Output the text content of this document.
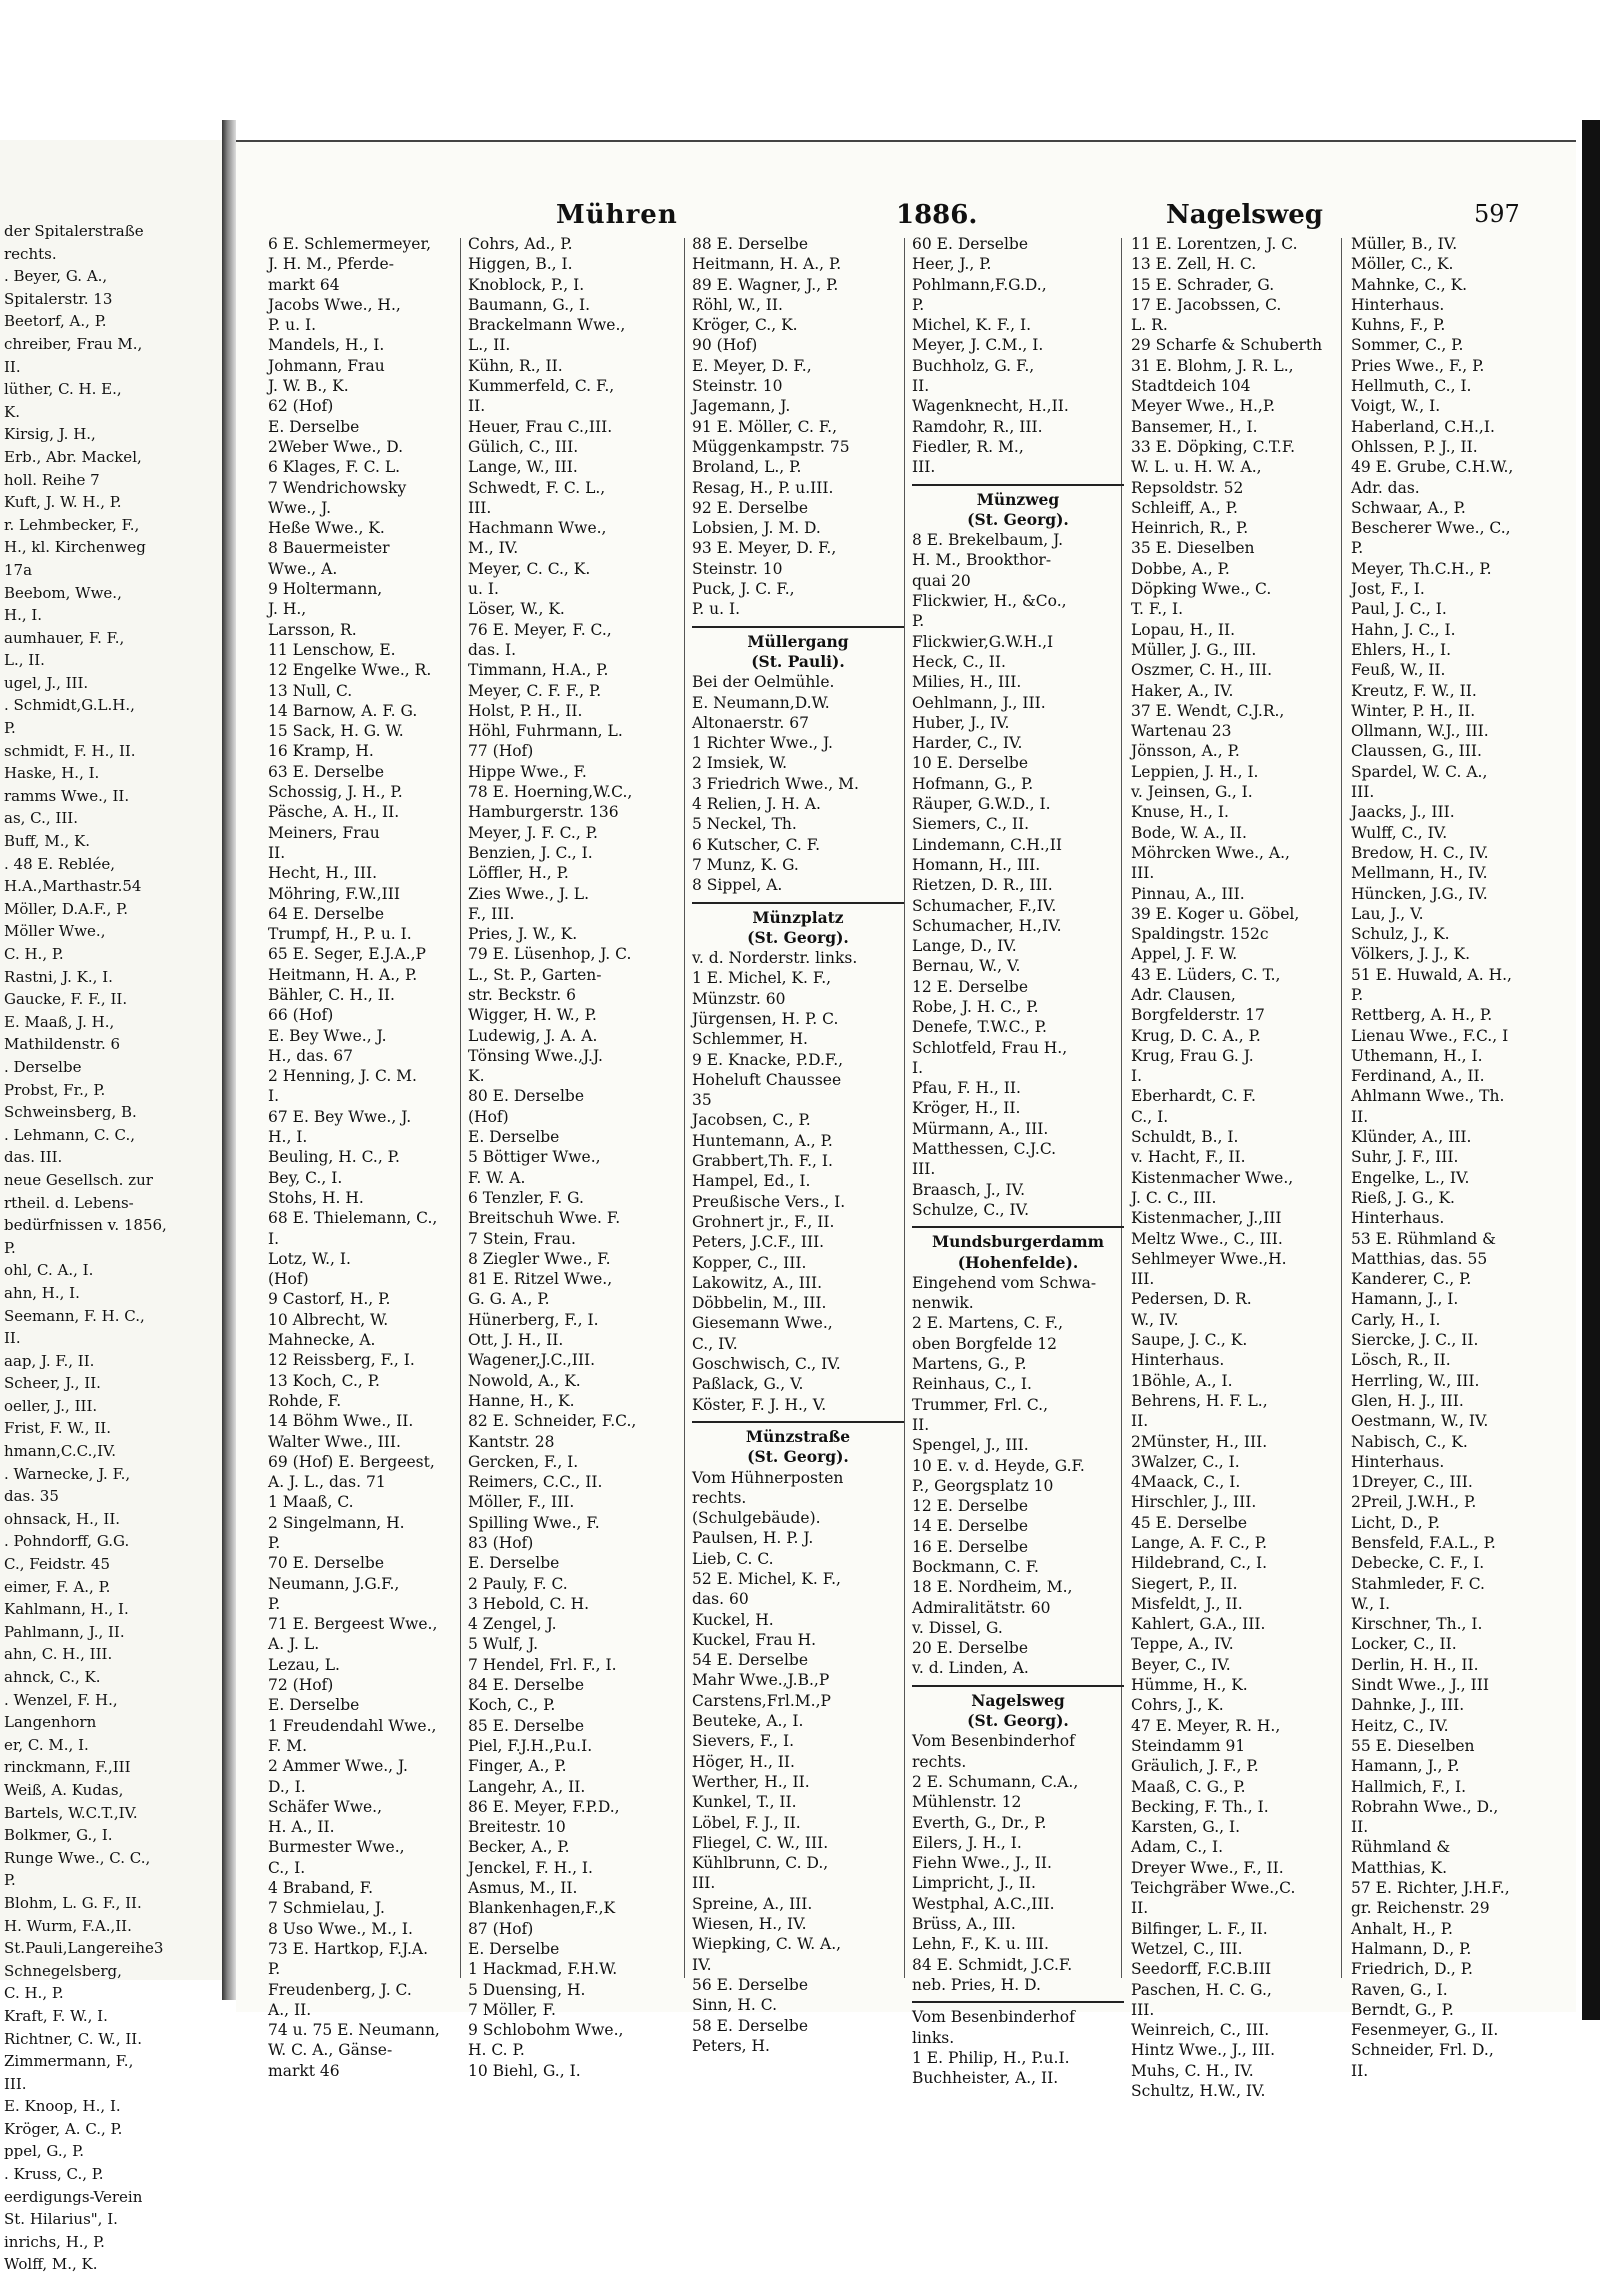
der Spitalerstraße
rechts.
. Beyer, G. A.,
Spitalerstr. 13
Beetorf, A., P.
chreiber, Frau M.,
II.
lüther, C. H. E.,
K.
Kirsig, J. H.,
Erb., Abr. Mackel,
holl. Reihe 7
Kuft, J. W. H., P.
r. Lehmbecker, F.,
H., kl. Kirchenweg
17a
Beebom, Wwe.,
H., I.
aumhauer, F. F.,
L., II.
ugel, J., III.
. Schmidt,G.L.H.,
P.
schmidt, F. H., II.
Haske, H., I.
ramms Wwe., II.
as, C., III.
Buff, M., K.
. 48 E. Reblée,
H.A.,Marthastr.54
Möller, D.A.F., P.
Möller Wwe.,
C. H., P.
Rastni, J. K., I.
Gaucke, F. F., II.
E. Maaß, J. H.,
Mathildenstr. 6
. Derselbe
Probst, Fr., P.
Schweinsberg, B.
. Lehmann, C. C.,
das. III.
neue Gesellsch. zur
rtheil. d. Lebens-
bedürfnissen v. 1856,
P.
ohl, C. A., I.
ahn, H., I.
Seemann, F. H. C.,
II.
aap, J. F., II.
Scheer, J., II.
oeller, J., III.
Frist, F. W., II.
hmann,C.C.,IV.
. Warnecke, J. F.,
das. 35
ohnsack, H., II.
. Pohndorff, G.G.
C., Feidstr. 45
eimer, F. A., P.
Kahlmann, H., I.
Pahlmann, J., II.
ahn, C. H., III.
ahnck, C., K.
. Wenzel, F. H.,
Langenhorn
er, C. M., I.
rinckmann, F.,III
Weiß, A. Kudas,
Bartels, W.C.T.,IV.
Bolkmer, G., I.
Runge Wwe., C. C.,
P.
Blohm, L. G. F., II.
H. Wurm, F.A.,II.
St.Pauli,Langereihe3
Schnegelsberg,
C. H., P.
Kraft, F. W., I.
Richtner, C. W., II.
Zimmermann, F.,
III.
E. Knoop, H., I.
Kröger, A. C., P.
ppel, G., P.
. Kruss, C., P.
eerdigungs-Verein
St. Hilarius", I.
inrichs, H., P.
Wolff, M., K.
Mühren	1886.	Nagelsweg	597
6 E. Schlemermeyer,
J. H. M., Pferde-
markt 64
Jacobs Wwe., H.,
P. u. I.
Mandels, H., I.
Johmann, Frau
J. W. B., K.
62 (Hof)
E. Derselbe
2Weber Wwe., D.
6 Klages, F. C. L.
7 Wendrichowsky
Wwe., J.
Heße Wwe., K.
8 Bauermeister
Wwe., A.
9 Holtermann,
J. H.,
Larsson, R.
11 Lenschow, E.
12 Engelke Wwe., R.
13 Null, C.
14 Barnow, A. F. G.
15 Sack, H. G. W.
16 Kramp, H.
63 E. Derselbe
Schossig, J. H., P.
Päsche, A. H., II.
Meiners, Frau
II.
Hecht, H., III.
Möhring, F.W.,III
64 E. Derselbe
Trumpf, H., P. u. I.
65 E. Seger, E.J.A.,P
Heitmann, H. A., P.
Bähler, C. H., II.
66 (Hof)
E. Bey Wwe., J.
H., das. 67
2 Henning, J. C. M.
I.
67 E. Bey Wwe., J.
H., I.
Beuling, H. C., P.
Bey, C., I.
Stohs, H. H.
68 E. Thielemann, C.,
I.
Lotz, W., I.
(Hof)
9 Castorf, H., P.
10 Albrecht, W.
Mahnecke, A.
12 Reissberg, F., I.
13 Koch, C., P.
Rohde, F.
14 Böhm Wwe., II.
Walter Wwe., III.
69 (Hof) E. Bergeest,
A. J. L., das. 71
1 Maaß, C.
2 Singelmann, H.
P.
70 E. Derselbe
Neumann, J.G.F.,
P.
71 E. Bergeest Wwe.,
A. J. L.
Lezau, L.
72 (Hof)
E. Derselbe
1 Freudendahl Wwe.,
F. M.
2 Ammer Wwe., J.
D., I.
Schäfer Wwe.,
H. A., II.
Burmester Wwe.,
C., I.
4 Braband, F.
7 Schmielau, J.
8 Uso Wwe., M., I.
73 E. Hartkop, F.J.A.
P.
Freudenberg, J. C.
A., II.
74 u. 75 E. Neumann,
W. C. A., Gänse-
markt 46
Cohrs, Ad., P.
Higgen, B., I.
Knoblock, P., I.
Baumann, G., I.
Brackelmann Wwe.,
L., II.
Kühn, R., II.
Kummerfeld, C. F.,
II.
Heuer, Frau C.,III.
Gülich, C., III.
Lange, W., III.
Schwedt, F. C. L.,
III.
Hachmann Wwe.,
M., IV.
Meyer, C. C., K.
u. I.
Löser, W., K.
76 E. Meyer, F. C.,
das. I.
Timmann, H.A., P.
Meyer, C. F. F., P.
Holst, P. H., II.
Höhl, Fuhrmann, L.
77 (Hof)
Hippe Wwe., F.
78 E. Hoerning,W.C.,
Hamburgerstr. 136
Meyer, J. F. C., P.
Benzien, J. C., I.
Löffler, H., P.
Zies Wwe., J. L.
F., III.
Pries, J. W., K.
79 E. Lüsenhop, J. C.
L., St. P., Garten-
str. Beckstr. 6
Wigger, H. W., P.
Ludewig, J. A. A.
Tönsing Wwe.,J.J.
K.
80 E. Derselbe
(Hof)
E. Derselbe
5 Böttiger Wwe.,
F. W. A.
6 Tenzler, F. G.
Breitschuh Wwe. F.
7 Stein, Frau.
8 Ziegler Wwe., F.
81 E. Ritzel Wwe.,
G. G. A., P.
Hünerberg, F., I.
Ott, J. H., II.
Wagener,J.C.,III.
Nowold, A., K.
Hanne, H., K.
82 E. Schneider, F.C.,
Kantstr. 28
Gercken, F., I.
Reimers, C.C., II.
Möller, F., III.
Spilling Wwe., F.
83 (Hof)
E. Derselbe
2 Pauly, F. C.
3 Hebold, C. H.
4 Zengel, J.
5 Wulf, J.
7 Hendel, Frl. F., I.
84 E. Derselbe
Koch, C., P.
85 E. Derselbe
Piel, F.J.H.,P.u.I.
Finger, A., P.
Langehr, A., II.
86 E. Meyer, F.P.D.,
Breitestr. 10
Becker, A., P.
Jenckel, F. H., I.
Asmus, M., II.
Blankenhagen,F.,K
87 (Hof)
E. Derselbe
1 Hackmad, F.H.W.
5 Duensing, H.
7 Möller, F.
9 Schlobohm Wwe.,
H. C. P.
10 Biehl, G., I.
88 E. Derselbe
Heitmann, H. A., P.
89 E. Wagner, J., P.
Röhl, W., II.
Kröger, C., K.
90 (Hof)
E. Meyer, D. F.,
Steinstr. 10
Jagemann, J.
91 E. Möller, C. F.,
Müggenkampstr. 75
Broland, L., P.
Resag, H., P. u.III.
92 E. Derselbe
Lobsien, J. M. D.
93 E. Meyer, D. F.,
Steinstr. 10
Puck, J. C. F.,
P. u. I.
Müllergang
(St. Pauli).
Bei der Oelmühle.
E. Neumann,D.W.
Altonaerstr. 67
1 Richter Wwe., J.
2 Imsiek, W.
3 Friedrich Wwe., M.
4 Relien, J. H. A.
5 Neckel, Th.
6 Kutscher, C. F.
7 Munz, K. G.
8 Sippel, A.
Münzplatz
(St. Georg).
v. d. Norderstr. links.
1 E. Michel, K. F.,
Münzstr. 60
Jürgensen, H. P. C.
Schlemmer, H.
9 E. Knacke, P.D.F.,
Hoheluft Chaussee
35
Jacobsen, C., P.
Huntemann, A., P.
Grabbert,Th. F., I.
Hampel, Ed., I.
Preußische Vers., I.
Grohnert jr., F., II.
Peters, J.C.F., III.
Kopper, C., III.
Lakowitz, A., III.
Döbbelin, M., III.
Giesemann Wwe.,
C., IV.
Goschwisch, C., IV.
Paßlack, G., V.
Köster, F. J. H., V.
Münzstraße
(St. Georg).
Vom Hühnerposten
rechts.
(Schulgebäude).
Paulsen, H. P. J.
Lieb, C. C.
52 E. Michel, K. F.,
das. 60
Kuckel, H.
Kuckel, Frau H.
54 E. Derselbe
Mahr Wwe.,J.B.,P
Carstens,Frl.M.,P
Beuteke, A., I.
Sievers, F., I.
Höger, H., II.
Werther, H., II.
Kunkel, T., II.
Löbel, F. J., II.
Fliegel, C. W., III.
Kühlbrunn, C. D.,
III.
Spreine, A., III.
Wiesen, H., IV.
Wiepking, C. W. A.,
IV.
56 E. Derselbe
Sinn, H. C.
58 E. Derselbe
Peters, H.
60 E. Derselbe
Heer, J., P.
Pohlmann,F.G.D.,
P.
Michel, K. F., I.
Meyer, J. C.M., I.
Buchholz, G. F.,
II.
Wagenknecht, H.,II.
Ramdohr, R., III.
Fiedler, R. M.,
III.
Münzweg
(St. Georg).
8 E. Brekelbaum, J.
H. M., Brookthor-
quai 20
Flickwier, H., &Co.,
P.
Flickwier,G.W.H.,I
Heck, C., II.
Milies, H., III.
Oehlmann, J., III.
Huber, J., IV.
Harder, C., IV.
10 E. Derselbe
Hofmann, G., P.
Räuper, G.W.D., I.
Siemers, C., II.
Lindemann, C.H.,II
Homann, H., III.
Rietzen, D. R., III.
Schumacher, F.,IV.
Schumacher, H.,IV.
Lange, D., IV.
Bernau, W., V.
12 E. Derselbe
Robe, J. H. C., P.
Denefe, T.W.C., P.
Schlotfeld, Frau H.,
I.
Pfau, F. H., II.
Kröger, H., II.
Mürmann, A., III.
Matthessen, C.J.C.
III.
Braasch, J., IV.
Schulze, C., IV.
Mundsburgerdamm
(Hohenfelde).
Eingehend vom Schwa-
nenwik.
2 E. Martens, C. F.,
oben Borgfelde 12
Martens, G., P.
Reinhaus, C., I.
Trummer, Frl. C.,
II.
Spengel, J., III.
10 E. v. d. Heyde, G.F.
P., Georgsplatz 10
12 E. Derselbe
14 E. Derselbe
16 E. Derselbe
Bockmann, C. F.
18 E. Nordheim, M.,
Admiralitätstr. 60
v. Dissel, G.
20 E. Derselbe
v. d. Linden, A.
Nagelsweg
(St. Georg).
Vom Besenbinderhof
rechts.
2 E. Schumann, C.A.,
Mühlenstr. 12
Everth, G., Dr., P.
Eilers, J. H., I.
Fiehn Wwe., J., II.
Limpricht, J., II.
Westphal, A.C.,III.
Brüss, A., III.
Lehn, F., K. u. III.
84 E. Schmidt, J.C.F.
neb. Pries, H. D.
Vom Besenbinderhof
links.
1 E. Philip, H., P.u.I.
Buchheister, A., II.
11 E. Lorentzen, J. C.
13 E. Zell, H. C.
15 E. Schrader, G.
17 E. Jacobssen, C.
L. R.
29 Scharfe & Schuberth
31 E. Blohm, J. R. L.,
Stadtdeich 104
Meyer Wwe., H.,P.
Bansemer, H., I.
33 E. Döpking, C.T.F.
W. L. u. H. W. A.,
Repsoldstr. 52
Schleiff, A., P.
Heinrich, R., P.
35 E. Dieselben
Dobbe, A., P.
Döpking Wwe., C.
T. F., I.
Lopau, H., II.
Müller, J. G., III.
Oszmer, C. H., III.
Haker, A., IV.
37 E. Wendt, C.J.R.,
Wartenau 23
Jönsson, A., P.
Leppien, J. H., I.
v. Jeinsen, G., I.
Knuse, H., I.
Bode, W. A., II.
Möhrcken Wwe., A.,
III.
Pinnau, A., III.
39 E. Koger u. Göbel,
Spaldingstr. 152c
Appel, J. F. W.
43 E. Lüders, C. T.,
Adr. Clausen,
Borgfelderstr. 17
Krug, D. C. A., P.
Krug, Frau G. J.
I.
Eberhardt, C. F.
C., I.
Schuldt, B., I.
v. Hacht, F., II.
Kistenmacher Wwe.,
J. C. C., III.
Kistenmacher, J.,III
Meltz Wwe., C., III.
Sehlmeyer Wwe.,H.
III.
Pedersen, D. R.
W., IV.
Saupe, J. C., K.
Hinterhaus.
1Böhle, A., I.
Behrens, H. F. L.,
II.
2Münster, H., III.
3Walzer, C., I.
4Maack, C., I.
Hirschler, J., III.
45 E. Derselbe
Lange, A. F. C., P.
Hildebrand, C., I.
Siegert, P., II.
Misfeldt, J., II.
Kahlert, G.A., III.
Teppe, A., IV.
Beyer, C., IV.
Hümme, H., K.
Cohrs, J., K.
47 E. Meyer, R. H.,
Steindamm 91
Gräulich, J. F., P.
Maaß, C. G., P.
Becking, F. Th., I.
Karsten, G., I.
Adam, C., I.
Dreyer Wwe., F., II.
Teichgräber Wwe.,C.
II.
Bilfinger, L. F., II.
Wetzel, C., III.
Seedorff, F.C.B.III
Paschen, H. C. G.,
III.
Weinreich, C., III.
Hintz Wwe., J., III.
Muhs, C. H., IV.
Schultz, H.W., IV.
Müller, B., IV.
Möller, C., K.
Mahnke, C., K.
Hinterhaus.
Kuhns, F., P.
Sommer, C., P.
Pries Wwe., F., P.
Hellmuth, C., I.
Voigt, W., I.
Haberland, C.H.,I.
Ohlssen, P. J., II.
49 E. Grube, C.H.W.,
Adr. das.
Schwaar, A., P.
Bescherer Wwe., C.,
P.
Meyer, Th.C.H., P.
Jost, F., I.
Paul, J. C., I.
Hahn, J. C., I.
Ehlers, H., I.
Feuß, W., II.
Kreutz, F. W., II.
Winter, P. H., II.
Ollmann, W.J., III.
Claussen, G., III.
Spardel, W. C. A.,
III.
Jaacks, J., III.
Wulff, C., IV.
Bredow, H. C., IV.
Mellmann, H., IV.
Hüncken, J.G., IV.
Lau, J., V.
Schulz, J., K.
Völkers, J. J., K.
51 E. Huwald, A. H.,
P.
Rettberg, A. H., P.
Lienau Wwe., F.C., I
Uthemann, H., I.
Ferdinand, A., II.
Ahlmann Wwe., Th.
II.
Klünder, A., III.
Suhr, J. F., III.
Engelke, L., IV.
Rieß, J. G., K.
Hinterhaus.
53 E. Rühmland &
Matthias, das. 55
Kanderer, C., P.
Hamann, J., I.
Carly, H., I.
Siercke, J. C., II.
Lösch, R., II.
Herrling, W., III.
Glen, H. J., III.
Oestmann, W., IV.
Nabisch, C., K.
Hinterhaus.
1Dreyer, C., III.
2Preil, J.W.H., P.
Licht, D., P.
Bensfeld, F.A.L., P.
Debecke, C. F., I.
Stahmleder, F. C.
W., I.
Kirschner, Th., I.
Locker, C., II.
Derlin, H. H., II.
Sindt Wwe., J., III
Dahnke, J., III.
Heitz, C., IV.
55 E. Dieselben
Hamann, J., P.
Hallmich, F., I.
Robrahn Wwe., D.,
II.
Rühmland &
Matthias, K.
57 E. Richter, J.H.F.,
gr. Reichenstr. 29
Anhalt, H., P.
Halmann, D., P.
Friedrich, D., P.
Raven, G., I.
Berndt, G., P.
Fesenmeyer, G., II.
Schneider, Frl. D.,
II.
